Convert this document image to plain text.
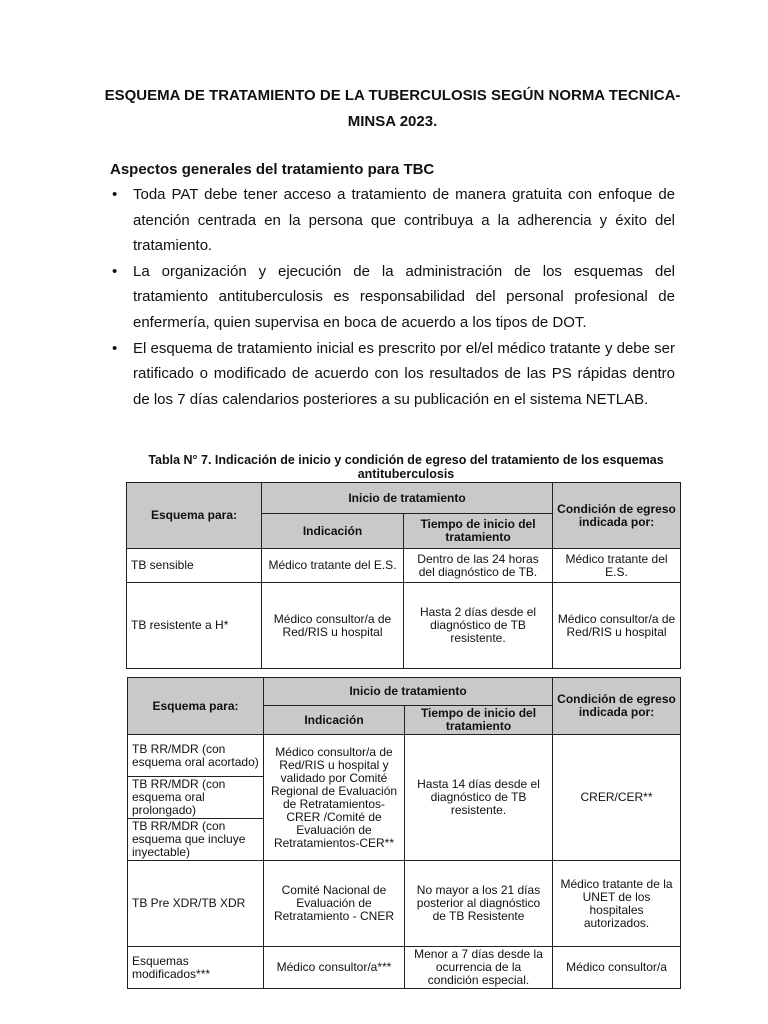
ESQUEMA DE TRATAMIENTO DE LA TUBERCULOSIS SEGÚN NORMA TECNICA- MINSA 2023.
Aspectos generales del tratamiento para TBC
• Toda PAT debe tener acceso a tratamiento de manera gratuita con enfoque de atención centrada en la persona que contribuya a la adherencia y éxito del tratamiento.
• La organización y ejecución de la administración de los esquemas del tratamiento antituberculosis es responsabilidad del personal profesional de enfermería, quien supervisa en boca de acuerdo a los tipos de DOT.
• El esquema de tratamiento inicial es prescrito por el/el médico tratante y debe ser ratificado o modificado de acuerdo con los resultados de las PS rápidas dentro de los 7 días calendarios posteriores a su publicación en el sistema NETLAB.
Tabla N° 7. Indicación de inicio y condición de egreso del tratamiento de los esquemas antituberculosis
Esquema para:	Inicio de tratamiento		Condición de egreso indicada por:
	Indicación	Tiempo de inicio del tratamiento	
TB sensible	Médico tratante del E.S.	Dentro de las 24 horas del diagnóstico de TB.	Médico tratante del E.S.
TB resistente a H*	Médico consultor/a de Red/RIS u hospital	Hasta 2 días desde el diagnóstico de TB resistente.	Médico consultor/a de Red/RIS u hospital
Esquema para:	Inicio de tratamiento		Condición de egreso indicada por:
	Indicación	Tiempo de inicio del tratamiento	
TB RR/MDR (con esquema oral acortado)	Médico consultor/a de Red/RIS u hospital y validado por Comité Regional de Evaluación de Retratamientos-CRER /Comité de Evaluación de Retratamientos-CER**	Hasta 14 días desde el diagnóstico de TB resistente.	CRER/CER**
TB RR/MDR (con esquema oral prolongado)			
TB RR/MDR (con esquema que incluye inyectable)			
TB Pre XDR/TB XDR	Comité Nacional de Evaluación de Retratamiento - CNER	No mayor a los 21 días posterior al diagnóstico de TB Resistente	Médico tratante de la UNET de los hospitales autorizados.
Esquemas modificados***	Médico consultor/a***	Menor a 7 días desde la ocurrencia de la condición especial.	Médico consultor/a
